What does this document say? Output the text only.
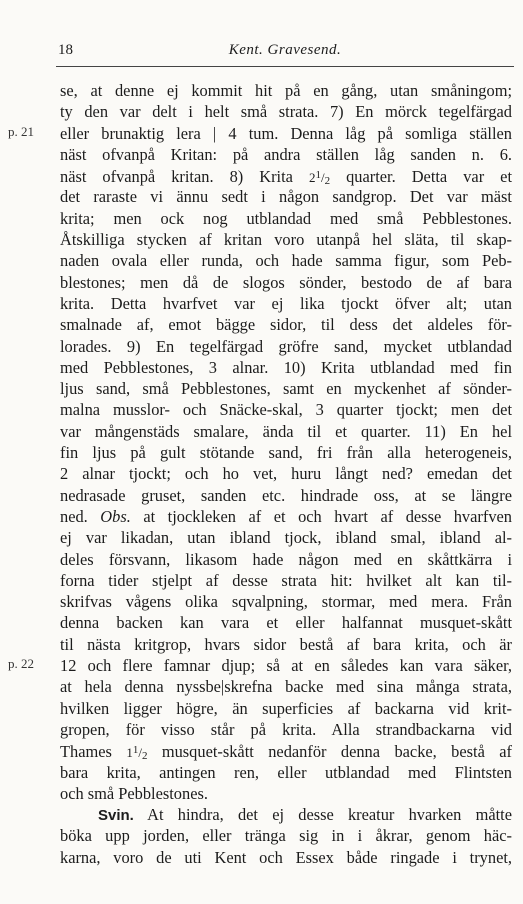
18	Kent. Gravesend.
p. 21
p. 22
se, at denne ej kommit hit på en gång, utan småningom;
ty den var delt i helt små strata. 7) En mörck tegelfärgad
eller brunaktig lera | 4 tum. Denna låg på somliga ställen
näst ofvanpå Kritan: på andra ställen låg sanden n. 6.
näst ofvanpå kritan. 8) Krita $2^1/2$ quarter. Detta var et
det raraste vi ännu sedt i någon sandgrop. Det var mäst
krita; men ock nog utblandad med små Pebblestones.
Åtskilliga stycken af kritan voro utanpå hel släta, til skap-
naden ovala eller runda, och hade samma figur, som Peb-
blestones; men då de slogos sönder, bestodo de af bara
krita. Detta hvarfvet var ej lika tjockt öfver alt; utan
smalnade af, emot bägge sidor, til dess det aldeles för-
lorades. 9) En tegelfärgad gröfre sand, mycket utblandad
med Pebblestones, 3 alnar. 10) Krita utblandad med fin
ljus sand, små Pebblestones, samt en myckenhet af sönder-
malna musslor- och Snäcke-skal, 3 quarter tjockt; men det
var mångenstäds smalare, ända til et quarter. 11) En hel
fin ljus på gult stötande sand, fri från alla heterogeneis,
2 alnar tjockt; och ho vet, huru långt ned? emedan det
nedrasade gruset, sanden etc. hindrade oss, at se längre
ned. Obs. at tjockleken af et och hvart af desse hvarfven
ej var likadan, utan ibland tjock, ibland smal, ibland al-
deles försvann, likasom hade någon med en skåttkärra i
forna tider stjelpt af desse strata hit: hvilket alt kan til-
skrifvas vågens olika sqvalpning, stormar, med mera. Från
denna backen kan vara et eller halfannat musquet-skått
til nästa kritgrop, hvars sidor bestå af bara krita, och är
12 och flere famnar djup; så at en således kan vara säker,
at hela denna nyssbe|skrefna backe med sina många strata,
hvilken ligger högre, än superficies af backarna vid krit-
gropen, för visso står på krita. Alla strandbackarna vid
Thames $1^1/2$ musquet-skått nedanför denna backe, bestå af
bara krita, antingen ren, eller utblandad med Flintsten
och små Pebblestones.
Svin. At hindra, det ej desse kreatur hvarken måtte
böka upp jorden, eller tränga sig in i åkrar, genom häc-
karna, voro de uti Kent och Essex både ringade i trynet,
